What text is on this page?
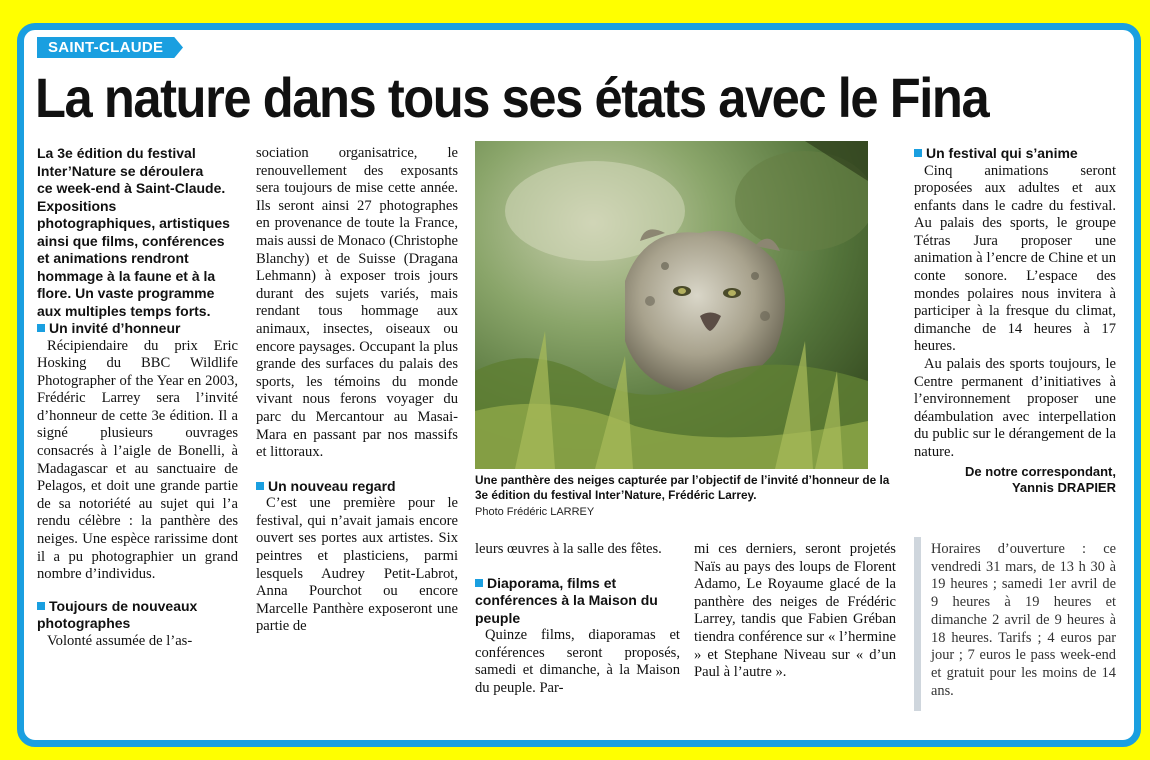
SAINT-CLAUDE
La nature dans tous ses états avec le Fina

La 3e édition du festival
Inter’Nature se déroulera
ce week-end à Saint-Claude. Expositions photographiques, artistiques ainsi que films, conférences et animations rendront hommage à la faune et à la flore. Un vaste programme aux multiples temps forts.

Un invité d’honneur

Récipiendaire du prix Eric Hosking du BBC Wildlife Photographer of the Year en 2003, Frédéric Larrey sera l’invité d’honneur de cette 3e édition. Il a signé plusieurs ouvrages consacrés à l’aigle de Bonelli, à Madagascar et au sanctuaire de Pelagos, et doit une grande partie de sa notoriété au sujet qui l’a rendu célèbre : la panthère des neiges. Une espèce rarissime dont il a pu photographier un grand nombre d’individus.

Toujours de nouveaux photographes

Volonté assumée de l’as-

sociation organisatrice, le renouvellement des exposants sera toujours de mise cette année. Ils seront ainsi 27 photographes en provenance de toute la France, mais aussi de Monaco (Christophe Blanchy) et de Suisse (Dragana Lehmann) à exposer trois jours durant des sujets variés, mais rendant tous hommage aux animaux, insectes, oiseaux ou encore paysages. Occupant la plus grande des surfaces du palais des sports, les témoins du monde vivant nous ferons voyager du parc du Mercantour au Masai-Mara en passant par nos massifs et littoraux.

Un nouveau regard

C’est une première pour le festival, qui n’avait jamais encore ouvert ses portes aux artistes. Six peintres et plasticiens, parmi lesquels Audrey Petit-Labrot, Anna Pourchot ou encore Marcelle Panthère exposeront une partie de

Une panthère des neiges capturée par l’objectif de l’invité d’honneur de la 3e édition du festival Inter’Nature, Frédéric Larrey.
Photo Frédéric LARREY

leurs œuvres à la salle des fêtes.

Diaporama, films et conférences à la Maison du peuple

Quinze films, diaporamas et conférences seront proposés, samedi et dimanche, à la Maison du peuple. Par-

mi ces derniers, seront projetés Naïs au pays des loups de Florent Adamo, Le Royaume glacé de la panthère des neiges de Frédéric Larrey, tandis que Fabien Gréban tiendra conférence sur « l’hermine » et Stephane Niveau sur « d’un Paul à l’autre ».

Un festival qui s’anime

Cinq animations seront proposées aux adultes et aux enfants dans le cadre du festival. Au palais des sports, le groupe Tétras Jura proposer une animation à l’encre de Chine et un conte sonore. L’espace des mondes polaires nous invitera à participer à la fresque du climat, dimanche de 14 heures à 17 heures.

Au palais des sports toujours, le Centre permanent d’initiatives à l’environnement proposer une déambulation avec interpellation du public sur le dérangement de la nature.

De notre correspondant,
Yannis DRAPIER
Horaires d’ouverture : ce vendredi 31 mars, de 13 h 30 à 19 heures ; samedi 1er avril de 9 heures à 19 heures et dimanche 2 avril de 9 heures à 18 heures. Tarifs ; 4 euros par jour ; 7 euros le pass week-end et gratuit pour les moins de 14 ans.
